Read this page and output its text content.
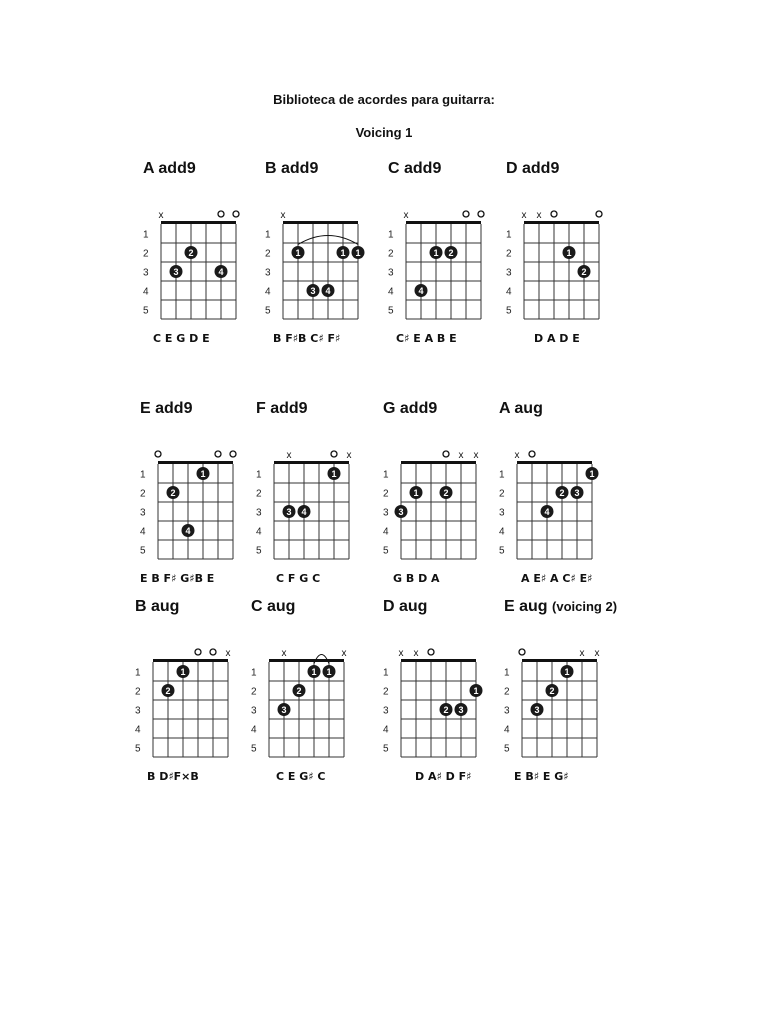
Biblioteca de acordes para guitarra:
Voicing 1
A add9
1
2
3
4
5
x
2
3	4
C E G D E
B add9
1
2
3
4
5
x
1	1 1
3 4
B F♯B C♯ F♯
C add9
1
2
3
4
5
x
1 2
4
C♯ E A B E
D add9
1
2
3
4
5
x x
1
2
D A D E
E add9
1
2
3
4
5
1
2
4
E B F♯ G♯B E
F add9
1
2
3
4
5
x	x
1
3 4
C F G C
G add9
1
2
3
4
5
x x
1	2
3
G B D A
A aug
1
2
3
4
5
x
1
2 3
4
A E♯ A C♯ E♯
B aug
1
2
3
4
5
x
1
2
B D♯F×B
C aug
1
2
3
4
5
x	x
1 1
2
3
C E G♯ C
D aug
1
2
3
4
5
x x
1
2 3
D A♯ D F♯
E aug (voicing 2)
1
2
3
4
5
x x
1
2
3
E B♯ E G♯
